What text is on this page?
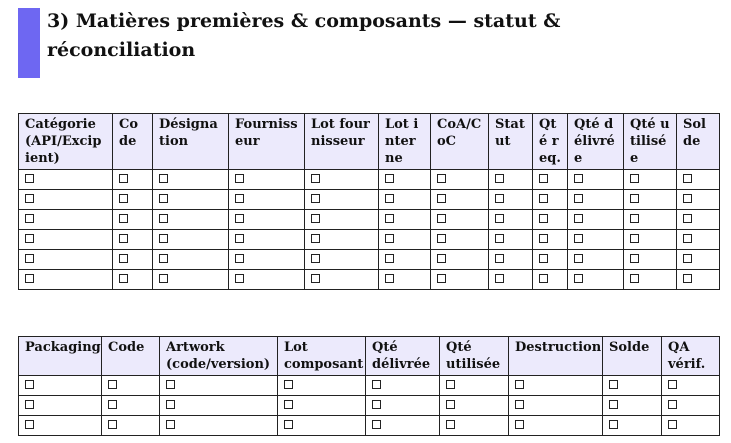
3) Matières premières & composants — statut & réconciliation
Catégorie (API/Excipient)	Code	Désignation	Fournisseur	Lot fournisseur	Lot interne	CoA/CoC	Statut	Qté req.	Qté délivrée	Qté utilisée	Solde

Packaging	Code	Artwork (code/version)	Lot composant	Qté délivrée	Qté utilisée	Destruction	Solde	QA vérif.
